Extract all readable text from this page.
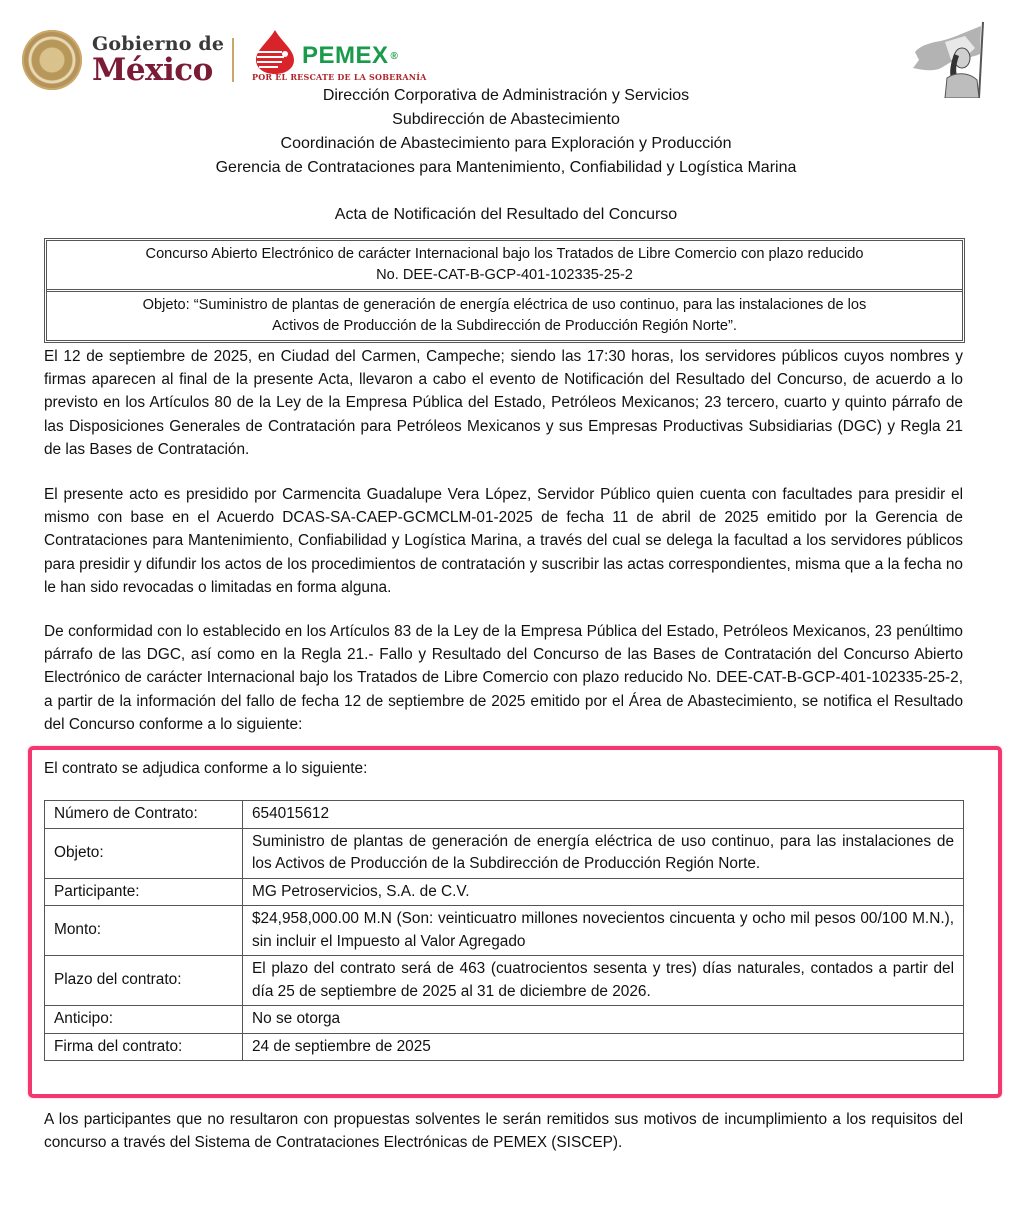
Gobierno de
México	PEMEX ®
POR EL RESCATE DE LA SOBERANÍA
Dirección Corporativa de Administración y Servicios
Subdirección de Abastecimiento
Coordinación de Abastecimiento para Exploración y Producción
Gerencia de Contrataciones para Mantenimiento, Confiabilidad y Logística Marina
Acta de Notificación del Resultado del Concurso
Concurso Abierto Electrónico de carácter Internacional bajo los Tratados de Libre Comercio con plazo reducido
No. DEE-CAT-B-GCP-401-102335-25-2
Objeto: “Suministro de plantas de generación de energía eléctrica de uso continuo, para las instalaciones de los
Activos de Producción de la Subdirección de Producción Región Norte”.
El 12 de septiembre de 2025, en Ciudad del Carmen, Campeche; siendo las 17:30 horas, los servidores públicos cuyos nombres y firmas aparecen al final de la presente Acta, llevaron a cabo el evento de Notificación del Resultado del Concurso, de acuerdo a lo previsto en los Artículos 80 de la Ley de la Empresa Pública del Estado, Petróleos Mexicanos; 23 tercero, cuarto y quinto párrafo de las Disposiciones Generales de Contratación para Petróleos Mexicanos y sus Empresas Productivas Subsidiarias (DGC) y Regla 21 de las Bases de Contratación.
El presente acto es presidido por Carmencita Guadalupe Vera López, Servidor Público quien cuenta con facultades para presidir el mismo con base en el Acuerdo DCAS-SA-CAEP-GCMCLM-01-2025 de fecha 11 de abril de 2025 emitido por la Gerencia de Contrataciones para Mantenimiento, Confiabilidad y Logística Marina, a través del cual se delega la facultad a los servidores públicos para presidir y difundir los actos de los procedimientos de contratación y suscribir las actas correspondientes, misma que a la fecha no le han sido revocadas o limitadas en forma alguna.
De conformidad con lo establecido en los Artículos 83 de la Ley de la Empresa Pública del Estado, Petróleos Mexicanos, 23 penúltimo párrafo de las DGC, así como en la Regla 21.- Fallo y Resultado del Concurso de las Bases de Contratación del Concurso Abierto Electrónico de carácter Internacional bajo los Tratados de Libre Comercio con plazo reducido No. DEE-CAT-B-GCP-401-102335-25-2, a partir de la información del fallo de fecha 12 de septiembre de 2025 emitido por el Área de Abastecimiento, se notifica el Resultado del Concurso conforme a lo siguiente:
El contrato se adjudica conforme a lo siguiente:
Número de Contrato:	654015612
Objeto:	Suministro de plantas de generación de energía eléctrica de uso continuo, para las instalaciones de los Activos de Producción de la Subdirección de Producción Región Norte.
Participante:	MG Petroservicios, S.A. de C.V.
Monto:	$24,958,000.00 M.N (Son: veinticuatro millones novecientos cincuenta y ocho mil pesos 00/100 M.N.), sin incluir el Impuesto al Valor Agregado
Plazo del contrato:	El plazo del contrato será de 463 (cuatrocientos sesenta y tres) días naturales, contados a partir del día 25 de septiembre de 2025 al 31 de diciembre de 2026.
Anticipo:	No se otorga
Firma del contrato:	24 de septiembre de 2025
A los participantes que no resultaron con propuestas solventes le serán remitidos sus motivos de incumplimiento a los requisitos del concurso a través del Sistema de Contrataciones Electrónicas de PEMEX (SISCEP).
